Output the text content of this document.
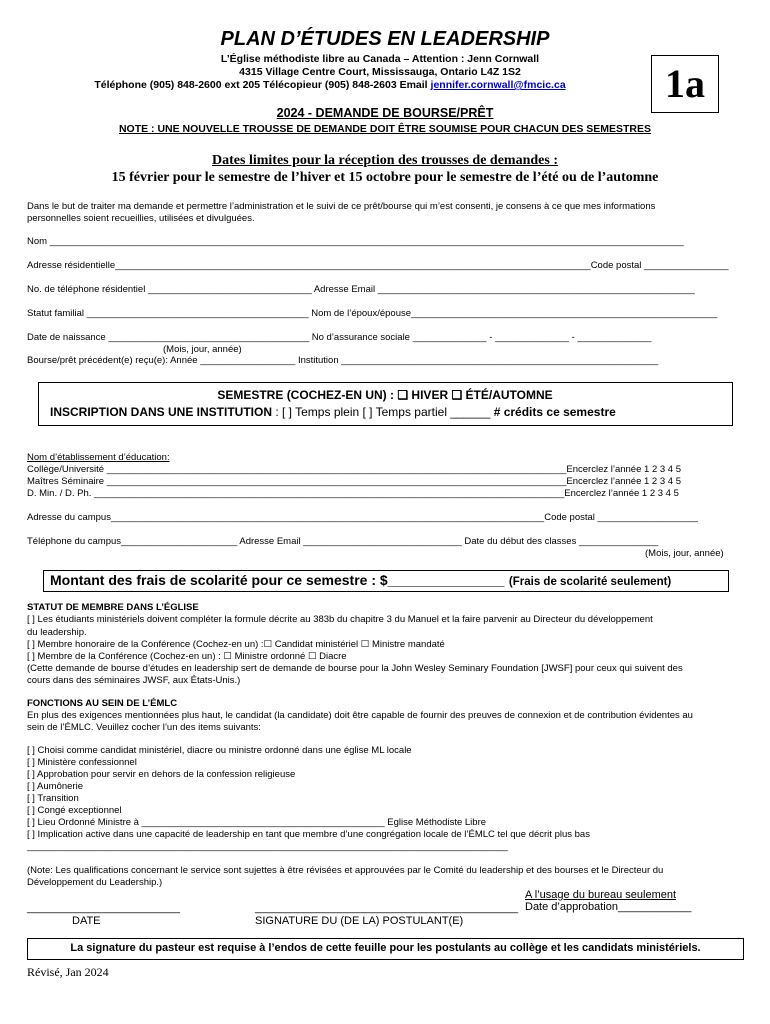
PLAN D’ÉTUDES EN LEADERSHIP
L’Église méthodiste libre au Canada – Attention : Jenn Cornwall
4315 Village Centre Court, Mississauga, Ontario L4Z 1S2
Téléphone (905) 848-2600 ext 205 Télécopieur (905) 848-2603 Email jennifer.cornwall@fmcic.ca	1a
2024 - DEMANDE DE BOURSE/PRÊT
NOTE : UNE NOUVELLE TROUSSE DE DEMANDE DOIT ÊTRE SOUMISE POUR CHACUN DES SEMESTRES
Dates limites pour la réception des trousses de demandes :
15 février pour le semestre de l’hiver et 15 octobre pour le semestre de l’été ou de l’automne
Dans le but de traiter ma demande et permettre l’administration et le suivi de ce prêt/bourse qui m’est consenti, je consens à ce que mes informations
personnelles soient recueillies, utilisées et divulguées.
Nom ________________________________________________________________________________________________________________________
Adresse résidentielle__________________________________________________________________________________________Code postal ________________
No. de téléphone résidentiel _______________________________ Adresse Email ____________________________________________________________
Statut familial __________________________________________ Nom de l’époux/épouse__________________________________________________________
Date de naissance ______________________________________ No d’assurance sociale ______________ - ______________ - ______________
(Mois, jour, année)
Bourse/prêt précédent(e) reçu(e): Année __________________ Institution ____________________________________________________________
SEMESTRE (COCHEZ-EN UN) : ❑ HIVER ❑ ÉTÉ/AUTOMNE
INSCRIPTION DANS UNE INSTITUTION : [ ] Temps plein [ ] Temps partiel ______ # crédits ce semestre
Nom d’établissement d’éducation:
Collège/Université _______________________________________________________________________________________Encerclez l’année 1 2 3 4 5
Maîtres Séminaire _______________________________________________________________________________________Encerclez l’année 1 2 3 4 5
D. Min. / D. Ph. _________________________________________________________________________________________Encerclez l’année 1 2 3 4 5
Adresse du campus__________________________________________________________________________________Code postal ___________________
Téléphone du campus______________________ Adresse Email ______________________________ Date du début des classes _______________
(Mois, jour, année)
Montant des frais de scolarité pour ce semestre : $_______________ (Frais de scolarité seulement)
STATUT DE MEMBRE DANS L’ÉGLISE
[ ] Les étudiants ministériels doivent compléter la formule décrite au 383b du chapitre 3 du Manuel et la faire parvenir au Directeur du développement
du leadership.
[ ] Membre honoraire de la Conférence (Cochez-en un) :☐ Candidat ministériel ☐ Ministre mandaté
[ ] Membre de la Conférence (Cochez-en un) : ☐ Ministre ordonné ☐ Diacre
(Cette demande de bourse d’études en leadership sert de demande de bourse pour la John Wesley Seminary Foundation [JWSF] pour ceux qui suivent des
cours dans des séminaires JWSF, aux États-Unis.)
FONCTIONS AU SEIN DE L’ÉMLC
En plus des exigences mentionnées plus haut, le candidat (la candidate) doit être capable de fournir des preuves de connexion et de contribution évidentes au
sein de l’ÉMLC. Veuillez cocher l’un des items suivants:
[ ] Choisi comme candidat ministériel, diacre ou ministre ordonné dans une église ML locale
[ ] Ministère confessionnel
[ ] Approbation pour servir en dehors de la confession religieuse
[ ] Aumônerie
[ ] Transition
[ ] Congé exceptionnel
[ ] Lieu Ordonné Ministre à ______________________________________________ Eglise Méthodiste Libre
[ ] Implication active dans une capacité de leadership en tant que membre d’une congrégation locale de l’ÉMLC tel que décrit plus bas
___________________________________________________________________________________________
(Note: Les qualifications concernant le service sont sujettes à être révisées et approuvées par le Comité du leadership et des bourses et le Directeur du
Développement du Leadership.)
A l’usage du bureau seulement
Date d’approbation____________
_________________________
DATE
___________________________________________
SIGNATURE DU (DE LA) POSTULANT(E)
La signature du pasteur est requise à l’endos de cette feuille pour les postulants au collège et les candidats ministériels.
Révisé, Jan 2024
